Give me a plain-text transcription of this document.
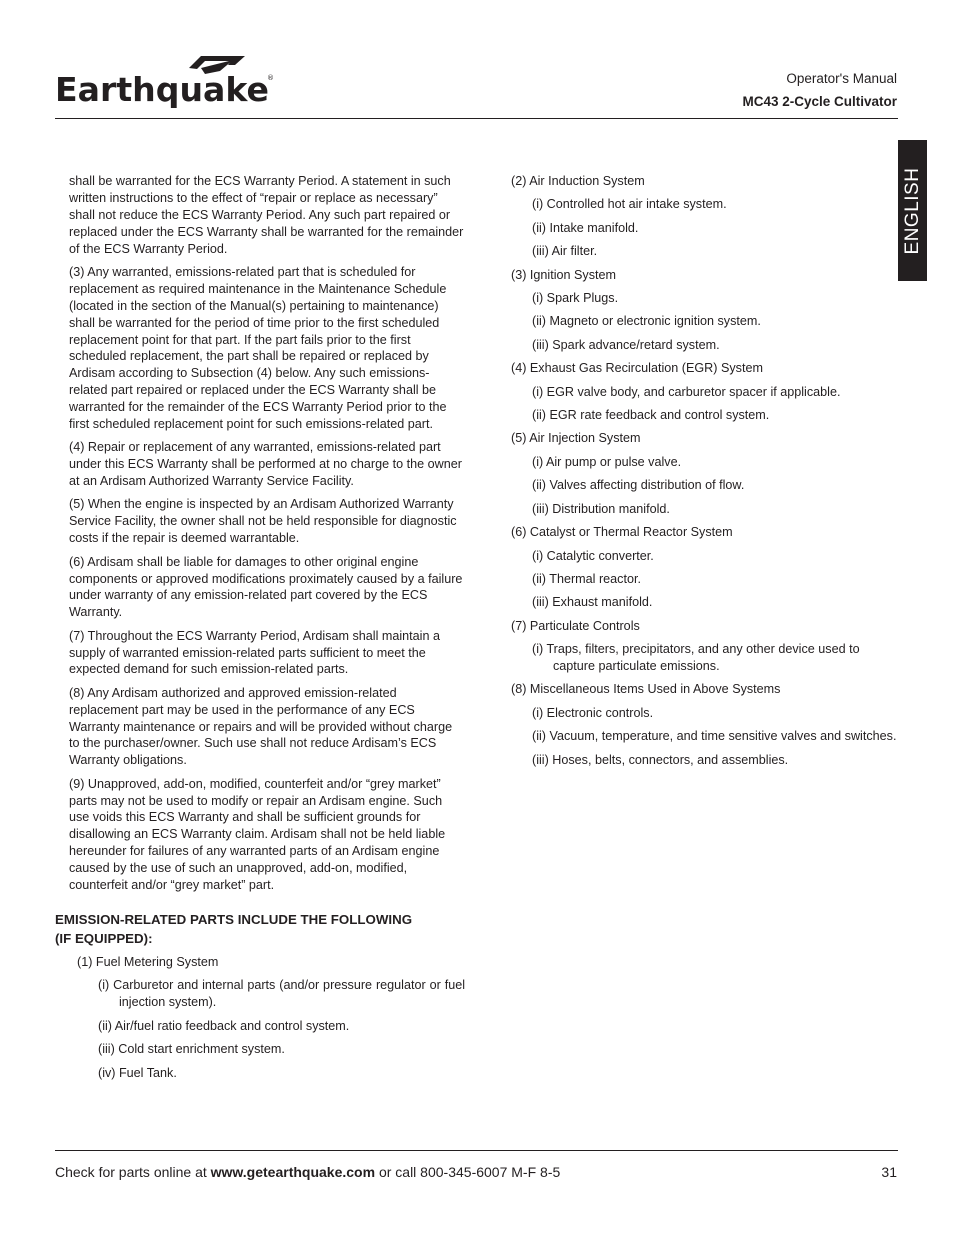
Earthquake
®	Operator's Manual
MC43 2-Cycle Cultivator
ENGLISH

shall be warranted for the ECS Warranty Period. A statement in such written instructions to the effect of “repair or replace as necessary” shall not reduce the ECS Warranty Period. Any such part repaired or replaced under the ECS Warranty shall be warranted for the remainder of the ECS Warranty Period.

(3) Any warranted, emissions-related part that is scheduled for replacement as required maintenance in the Maintenance Schedule (located in the section of the Manual(s) pertaining to maintenance) shall be warranted for the period of time prior to the first scheduled replacement point for that part. If the part fails prior to the first scheduled replacement, the part shall be repaired or replaced by Ardisam according to Subsection (4) below. Any such emissions-related part repaired or replaced under the ECS Warranty shall be warranted for the remainder of the ECS Warranty Period prior to the first scheduled replacement point for such emissions-related part.

(4) Repair or replacement of any warranted, emissions-related part under this ECS Warranty shall be performed at no charge to the owner at an Ardisam Authorized Warranty Service Facility.

(5) When the engine is inspected by an Ardisam Authorized Warranty Service Facility, the owner shall not be held responsible for diagnostic costs if the repair is deemed warrantable.

(6) Ardisam shall be liable for damages to other original engine components or approved modifications proximately caused by a failure under warranty of any emission-related part covered by the ECS Warranty.

(7) Throughout the ECS Warranty Period, Ardisam shall maintain a supply of warranted emission-related parts sufficient to meet the expected demand for such emission-related parts.

(8) Any Ardisam authorized and approved emission-related replacement part may be used in the performance of any ECS Warranty maintenance or repairs and will be provided without charge to the purchaser/owner. Such use shall not reduce Ardisam’s ECS Warranty obligations.

(9) Unapproved, add-on, modified, counterfeit and/or “grey market” parts may not be used to modify or repair an Ardisam engine. Such use voids this ECS Warranty and shall be sufficient grounds for disallowing an ECS Warranty claim. Ardisam shall not be held liable hereunder for failures of any warranted parts of an Ardisam engine caused by the use of such an unapproved, add-on, modified, counterfeit and/or “grey market” part.

EMISSION-RELATED PARTS INCLUDE THE FOLLOWING
(IF EQUIPPED):
(1) Fuel Metering System
(i) Carburetor and internal parts (and/or pressure regulator or fuel injection system).
(ii) Air/fuel ratio feedback and control system.
(iii) Cold start enrichment system.
(iv) Fuel Tank.
(2) Air Induction System
(i) Controlled hot air intake system.
(ii) Intake manifold.
(iii) Air filter.
(3) Ignition System
(i) Spark Plugs.
(ii) Magneto or electronic ignition system.
(iii) Spark advance/retard system.
(4) Exhaust Gas Recirculation (EGR) System
(i) EGR valve body, and carburetor spacer if applicable.
(ii) EGR rate feedback and control system.
(5) Air Injection System
(i) Air pump or pulse valve.
(ii) Valves affecting distribution of flow.
(iii) Distribution manifold.
(6) Catalyst or Thermal Reactor System
(i) Catalytic converter.
(ii) Thermal reactor.
(iii) Exhaust manifold.
(7) Particulate Controls
(i) Traps, filters, precipitators, and any other device used to capture particulate emissions.
(8) Miscellaneous Items Used in Above Systems
(i) Electronic controls.
(ii) Vacuum, temperature, and time sensitive valves and switches.
(iii) Hoses, belts, connectors, and assemblies.
Check for parts online at www.getearthquake.com or call 800-345-6007 M-F 8-5	31
